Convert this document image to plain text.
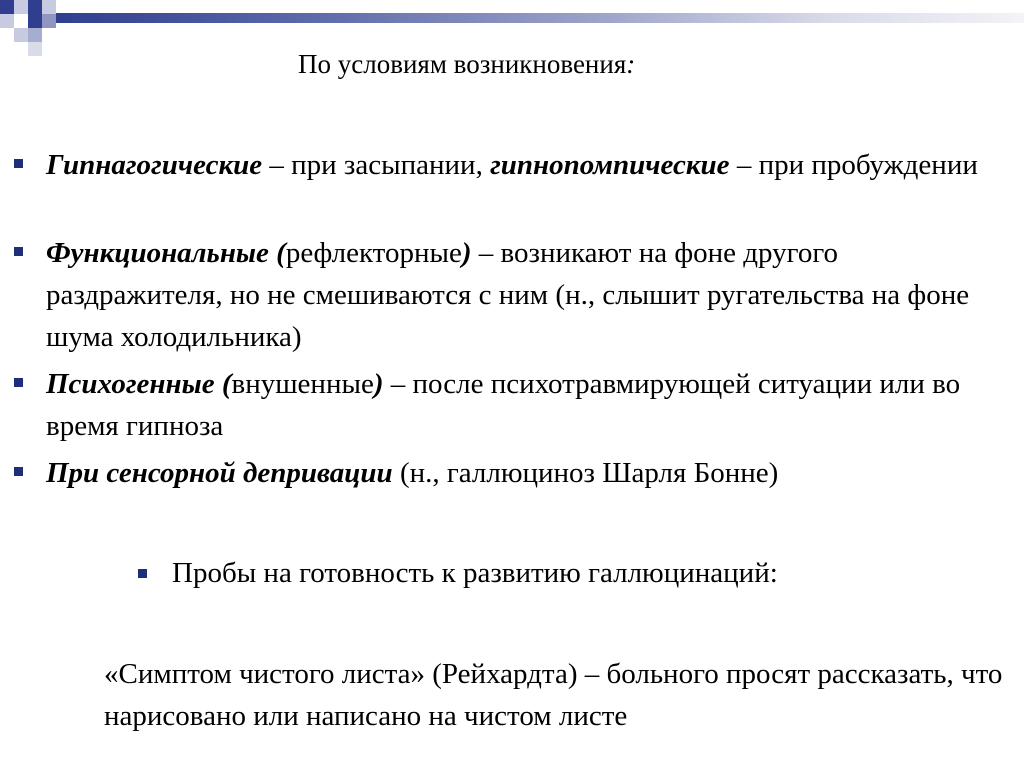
По условиям возникновения:
Гипнагогические – при засыпании, гипнопомпические – при пробуждении
Функциональные (рефлекторные) – возникают на фоне другого раздражителя, но не смешиваются с ним (н., слышит ругательства на фоне шума холодильника)
Психогенные (внушенные) – после психотравмирующей ситуации или во время гипноза
При сенсорной депривации (н., галлюциноз Шарля Бонне)
Пробы на готовность к развитию галлюцинаций:
«Симптом чистого листа» (Рейхардта) – больного просят рассказать, что нарисовано или написано на чистом листе
